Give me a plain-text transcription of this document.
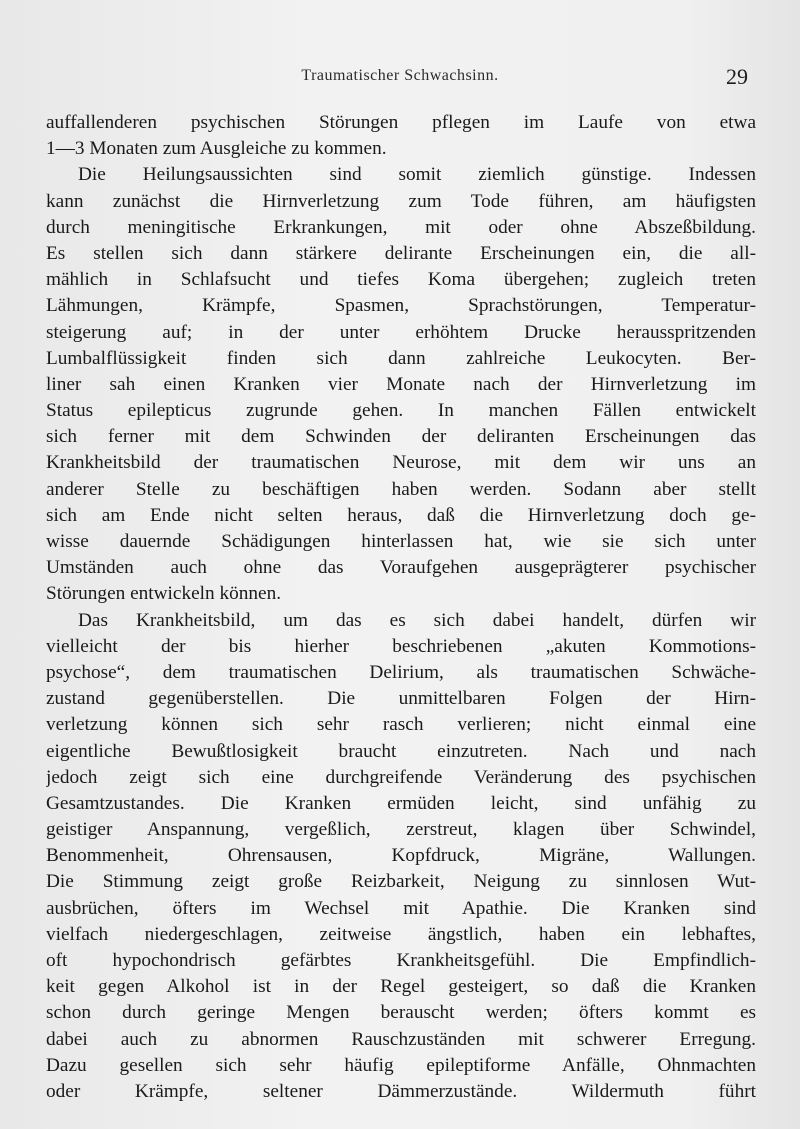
Traumatischer Schwachsinn.	29
auffallenderen psychischen Störungen pflegen im Laufe von etwa
1—3 Monaten zum Ausgleiche zu kommen.
Die Heilungsaussichten sind somit ziemlich günstige. Indessen
kann zunächst die Hirnverletzung zum Tode führen, am häufigsten
durch meningitische Erkrankungen, mit oder ohne Abszeßbildung.
Es stellen sich dann stärkere delirante Erscheinungen ein, die all-
mählich in Schlafsucht und tiefes Koma übergehen; zugleich treten
Lähmungen, Krämpfe, Spasmen, Sprachstörungen, Temperatur-
steigerung auf; in der unter erhöhtem Drucke herausspritzenden
Lumbalflüssigkeit finden sich dann zahlreiche Leukocyten. Ber-
liner sah einen Kranken vier Monate nach der Hirnverletzung im
Status epilepticus zugrunde gehen. In manchen Fällen entwickelt
sich ferner mit dem Schwinden der deliranten Erscheinungen das
Krankheitsbild der traumatischen Neurose, mit dem wir uns an
anderer Stelle zu beschäftigen haben werden. Sodann aber stellt
sich am Ende nicht selten heraus, daß die Hirnverletzung doch ge-
wisse dauernde Schädigungen hinterlassen hat, wie sie sich unter
Umständen auch ohne das Voraufgehen ausgeprägterer psychischer
Störungen entwickeln können.
Das Krankheitsbild, um das es sich dabei handelt, dürfen wir
vielleicht der bis hierher beschriebenen „akuten Kommotions-
psychose“, dem traumatischen Delirium, als traumatischen Schwäche-
zustand gegenüberstellen. Die unmittelbaren Folgen der Hirn-
verletzung können sich sehr rasch verlieren; nicht einmal eine
eigentliche Bewußtlosigkeit braucht einzutreten. Nach und nach
jedoch zeigt sich eine durchgreifende Veränderung des psychischen
Gesamtzustandes. Die Kranken ermüden leicht, sind unfähig zu
geistiger Anspannung, vergeßlich, zerstreut, klagen über Schwindel,
Benommenheit, Ohrensausen, Kopfdruck, Migräne, Wallungen.
Die Stimmung zeigt große Reizbarkeit, Neigung zu sinnlosen Wut-
ausbrüchen, öfters im Wechsel mit Apathie. Die Kranken sind
vielfach niedergeschlagen, zeitweise ängstlich, haben ein lebhaftes,
oft hypochondrisch gefärbtes Krankheitsgefühl. Die Empfindlich-
keit gegen Alkohol ist in der Regel gesteigert, so daß die Kranken
schon durch geringe Mengen berauscht werden; öfters kommt es
dabei auch zu abnormen Rauschzuständen mit schwerer Erregung.
Dazu gesellen sich sehr häufig epileptiforme Anfälle, Ohnmachten
oder Krämpfe, seltener Dämmerzustände. Wildermuth führt
